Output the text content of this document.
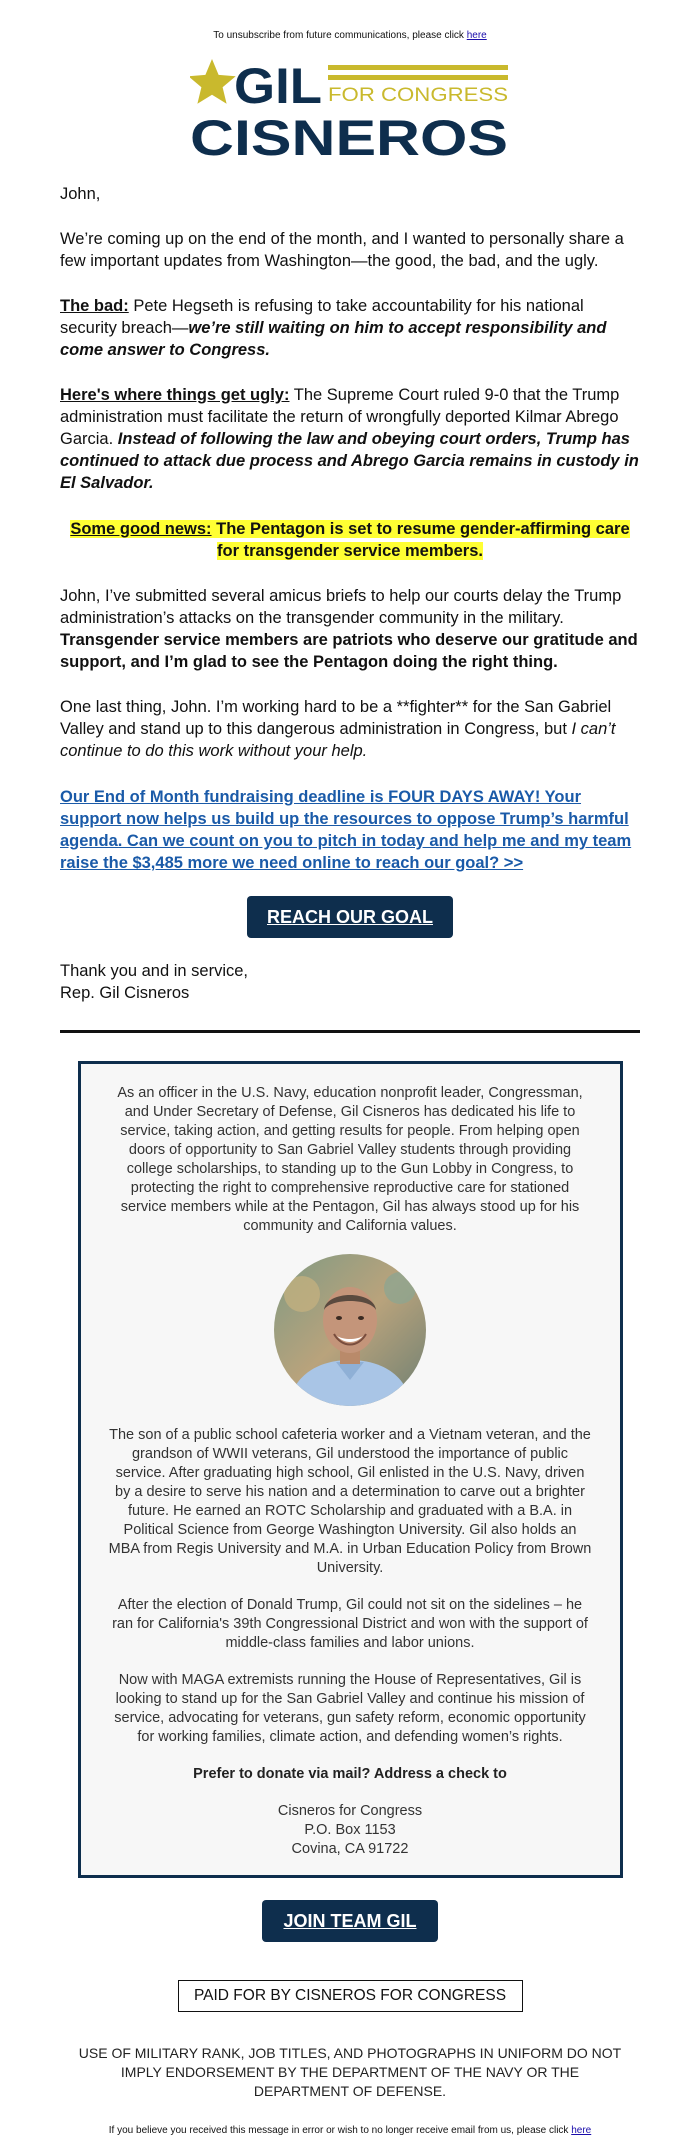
To unsubscribe from future communications, please click here
GIL FOR CONGRESS
CISNEROS
John,
We’re coming up on the end of the month, and I wanted to personally share a few important updates from Washington—the good, the bad, and the ugly.
The bad: Pete Hegseth is refusing to take accountability for his national security breach—we’re still waiting on him to accept responsibility and come answer to Congress.
Here's where things get ugly: The Supreme Court ruled 9-0 that the Trump administration must facilitate the return of wrongfully deported Kilmar Abrego Garcia. Instead of following the law and obeying court orders, Trump has continued to attack due process and Abrego Garcia remains in custody in El Salvador.
Some good news: The Pentagon is set to resume gender-affirming care for transgender service members.
John, I’ve submitted several amicus briefs to help our courts delay the Trump administration’s attacks on the transgender community in the military. Transgender service members are patriots who deserve our gratitude and support, and I’m glad to see the Pentagon doing the right thing.
One last thing, John. I’m working hard to be a **fighter** for the San Gabriel Valley and stand up to this dangerous administration in Congress, but I can’t continue to do this work without your help.
Our End of Month fundraising deadline is FOUR DAYS AWAY! Your support now helps us build up the resources to oppose Trump’s harmful agenda. Can we count on you to pitch in today and help me and my team raise the $3,485 more we need online to reach our goal? >>
REACH OUR GOAL
Thank you and in service,
Rep. Gil Cisneros
As an officer in the U.S. Navy, education nonprofit leader, Congressman, and Under Secretary of Defense, Gil Cisneros has dedicated his life to service, taking action, and getting results for people. From helping open doors of opportunity to San Gabriel Valley students through providing college scholarships, to standing up to the Gun Lobby in Congress, to protecting the right to comprehensive reproductive care for stationed service members while at the Pentagon, Gil has always stood up for his community and California values.
The son of a public school cafeteria worker and a Vietnam veteran, and the grandson of WWII veterans, Gil understood the importance of public service. After graduating high school, Gil enlisted in the U.S. Navy, driven by a desire to serve his nation and a determination to carve out a brighter future. He earned an ROTC Scholarship and graduated with a B.A. in Political Science from George Washington University. Gil also holds an MBA from Regis University and M.A. in Urban Education Policy from Brown University.
After the election of Donald Trump, Gil could not sit on the sidelines – he ran for California's 39th Congressional District and won with the support of middle-class families and labor unions.
Now with MAGA extremists running the House of Representatives, Gil is looking to stand up for the San Gabriel Valley and continue his mission of service, advocating for veterans, gun safety reform, economic opportunity for working families, climate action, and defending women’s rights.
Prefer to donate via mail? Address a check to
Cisneros for Congress
P.O. Box 1153
Covina, CA 91722
JOIN TEAM GIL
PAID FOR BY CISNEROS FOR CONGRESS
USE OF MILITARY RANK, JOB TITLES, AND PHOTOGRAPHS IN UNIFORM DO NOT IMPLY ENDORSEMENT BY THE DEPARTMENT OF THE NAVY OR THE DEPARTMENT OF DEFENSE.
If you believe you received this message in error or wish to no longer receive email from us, please click here
